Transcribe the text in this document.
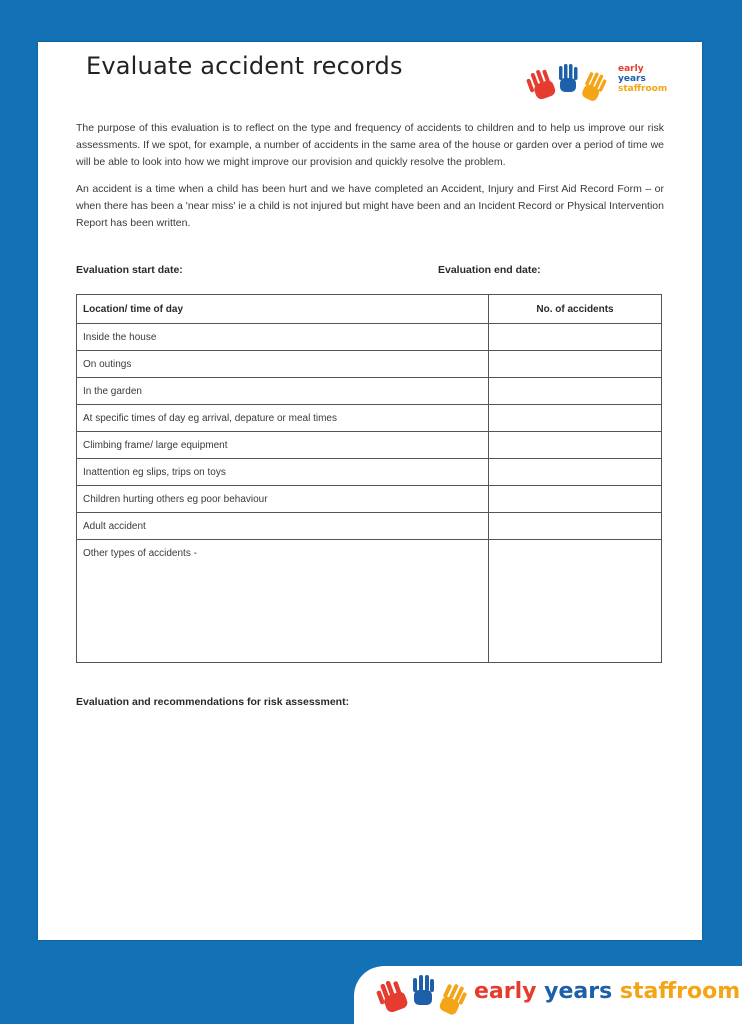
Evaluate accident records	early
years
staffroom

The purpose of this evaluation is to reflect on the type and frequency of accidents to children and to help us improve our risk assessments. If we spot, for example, a number of accidents in the same area of the house or garden over a period of time we will be able to look into how we might improve our provision and quickly resolve the problem.

An accident is a time when a child has been hurt and we have completed an Accident, Injury and First Aid Record Form – or when there has been a 'near miss' ie a child is not injured but might have been and an Incident Record or Physical Intervention Report has been written.

Evaluation start date:	Evaluation end date:
Location/ time of day	No. of accidents
Inside the house	
On outings	
In the garden	
At specific times of day eg arrival, depature or meal times	
Climbing frame/ large equipment	
Inattention eg slips, trips on toys	
Children hurting others eg poor behaviour	
Adult accident	
Other types of accidents -	
Evaluation and recommendations for risk assessment:
early years staffroom
